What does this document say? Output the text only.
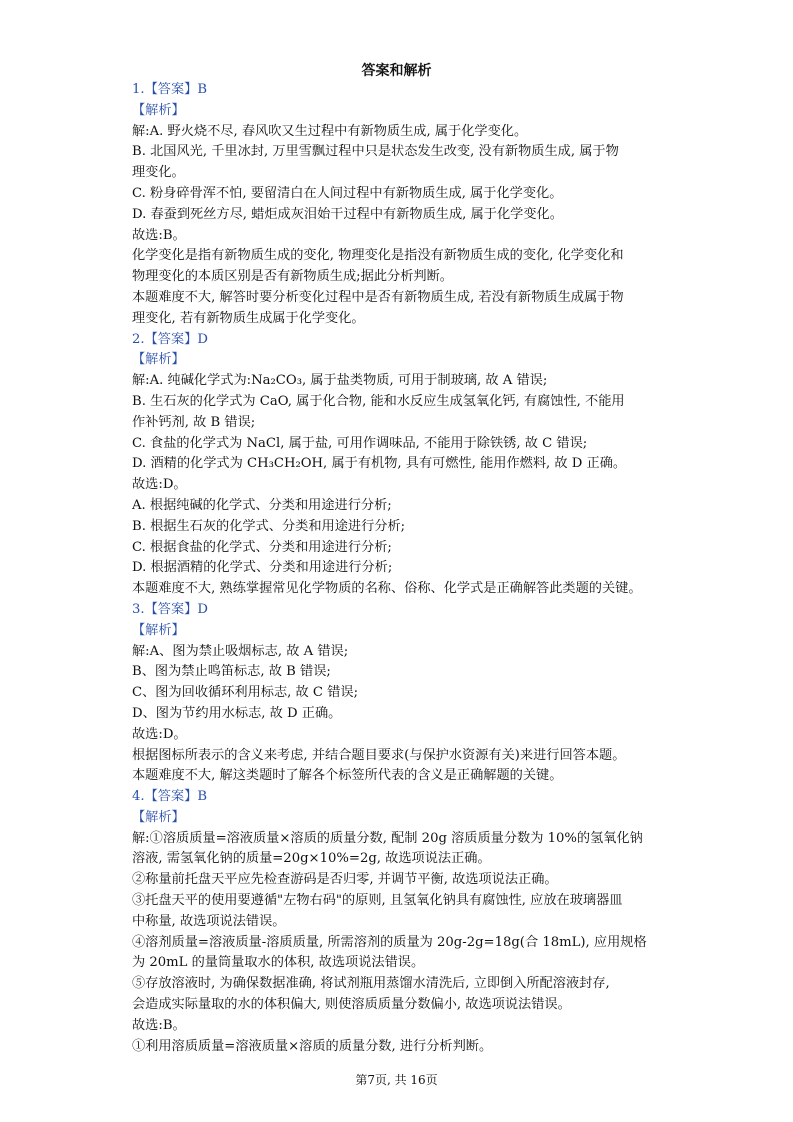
答案和解析
1.【答案】B
【解析】
解:A. 野火烧不尽, 春风吹又生过程中有新物质生成, 属于化学变化。
B. 北国风光, 千里冰封, 万里雪飘过程中只是状态发生改变, 没有新物质生成, 属于物
理变化。
C. 粉身碎骨浑不怕, 要留清白在人间过程中有新物质生成, 属于化学变化。
D. 春蚕到死丝方尽, 蜡炬成灰泪始干过程中有新物质生成, 属于化学变化。
故选:B。
化学变化是指有新物质生成的变化, 物理变化是指没有新物质生成的变化, 化学变化和
物理变化的本质区别是否有新物质生成;据此分析判断。
本题难度不大, 解答时要分析变化过程中是否有新物质生成, 若没有新物质生成属于物
理变化, 若有新物质生成属于化学变化。
2.【答案】D
【解析】
解:A. 纯碱化学式为:Na₂CO₃, 属于盐类物质, 可用于制玻璃, 故 A 错误;
B. 生石灰的化学式为 CaO, 属于化合物, 能和水反应生成氢氧化钙, 有腐蚀性, 不能用
作补钙剂, 故 B 错误;
C. 食盐的化学式为 NaCl, 属于盐, 可用作调味品, 不能用于除铁锈, 故 C 错误;
D. 酒精的化学式为 CH₃CH₂OH, 属于有机物, 具有可燃性, 能用作燃料, 故 D 正确。
故选:D。
A. 根据纯碱的化学式、分类和用途进行分析;
B. 根据生石灰的化学式、分类和用途进行分析;
C. 根据食盐的化学式、分类和用途进行分析;
D. 根据酒精的化学式、分类和用途进行分析;
本题难度不大, 熟练掌握常见化学物质的名称、俗称、化学式是正确解答此类题的关键。
3.【答案】D
【解析】
解:A、图为禁止吸烟标志, 故 A 错误;
B、图为禁止鸣笛标志, 故 B 错误;
C、图为回收循环利用标志, 故 C 错误;
D、图为节约用水标志, 故 D 正确。
故选:D。
根据图标所表示的含义来考虑, 并结合题目要求(与保护水资源有关)来进行回答本题。
本题难度不大, 解这类题时了解各个标签所代表的含义是正确解题的关键。
4.【答案】B
【解析】
解:①溶质质量=溶液质量×溶质的质量分数, 配制 20g 溶质质量分数为 10%的氢氧化钠
溶液, 需氢氧化钠的质量=20g×10%=2g, 故选项说法正确。
②称量前托盘天平应先检查游码是否归零, 并调节平衡, 故选项说法正确。
③托盘天平的使用要遵循"左物右码"的原则, 且氢氧化钠具有腐蚀性, 应放在玻璃器皿
中称量, 故选项说法错误。
④溶剂质量=溶液质量-溶质质量, 所需溶剂的质量为 20g-2g=18g(合 18mL), 应用规格
为 20mL 的量筒量取水的体积, 故选项说法错误。
⑤存放溶液时, 为确保数据准确, 将试剂瓶用蒸馏水清洗后, 立即倒入所配溶液封存,
会造成实际量取的水的体积偏大, 则使溶质质量分数偏小, 故选项说法错误。
故选:B。
①利用溶质质量=溶液质量×溶质的质量分数, 进行分析判断。
第7页, 共 16页
